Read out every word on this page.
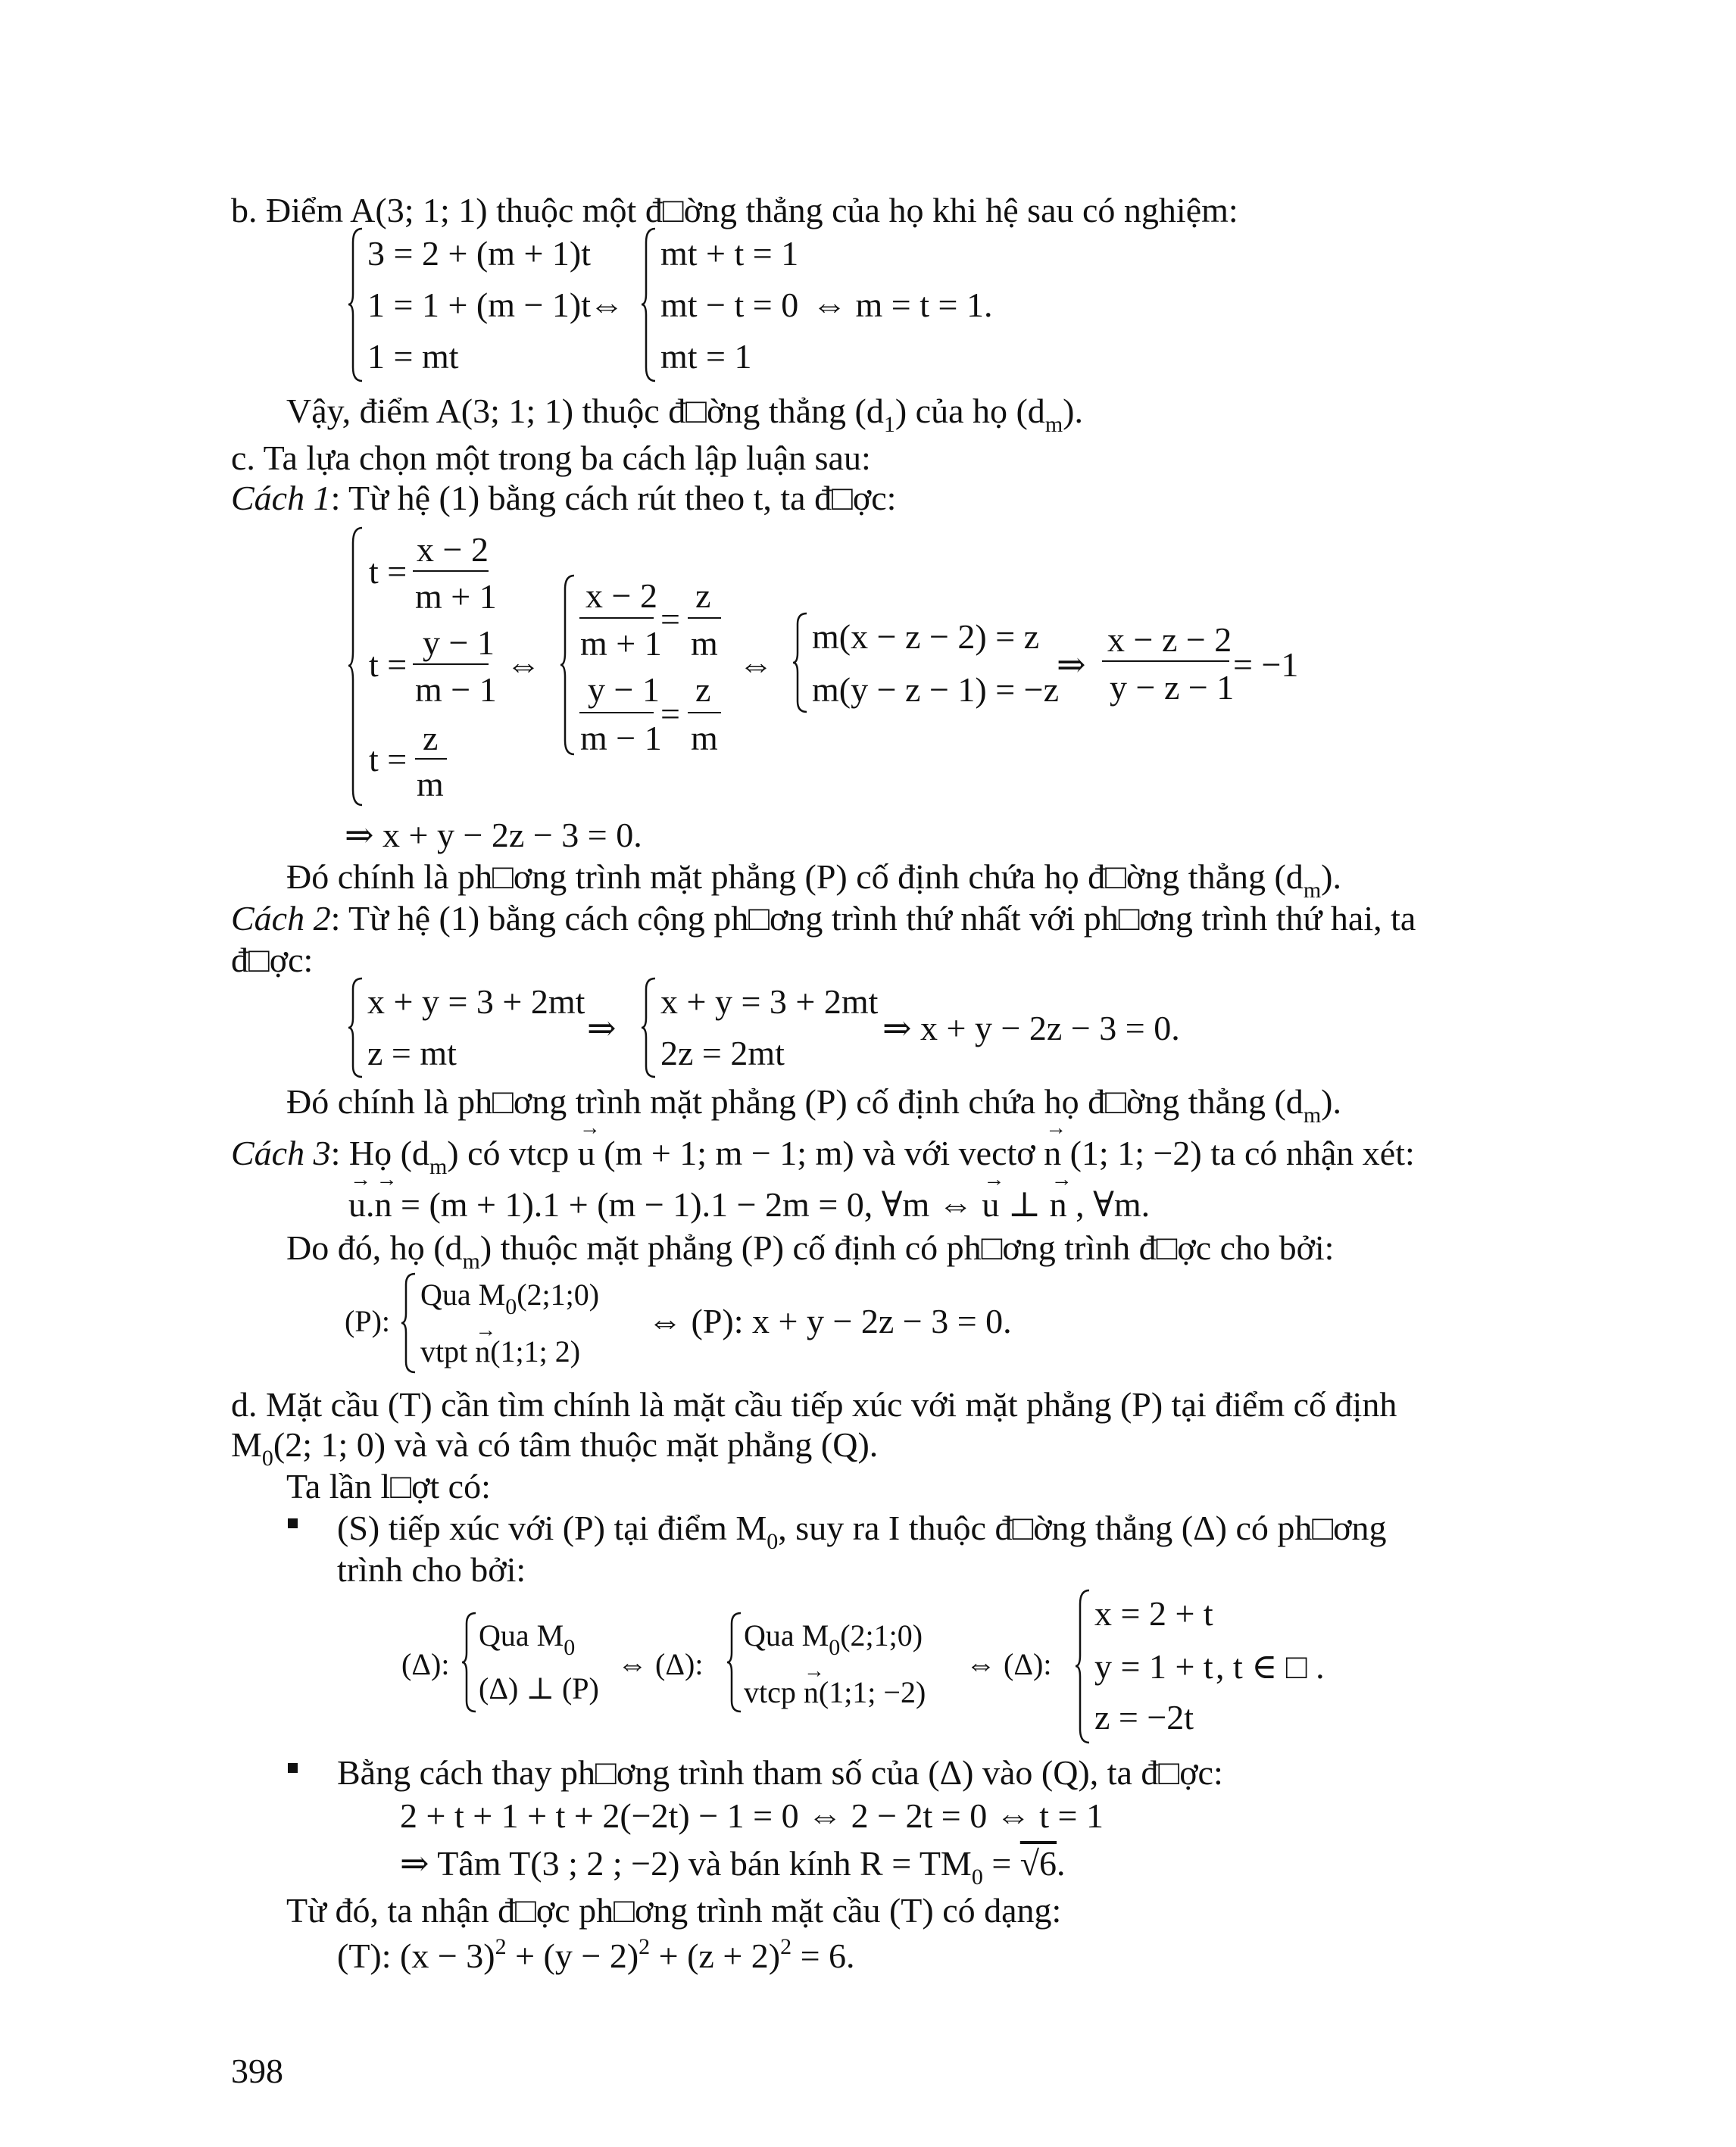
b. Điểm A(3; 1; 1) thuộc một đ□ờng thẳng của họ khi hệ sau có nghiệm:
3 = 2 + (m + 1)t
1 = 1 + (m − 1)t
1 = mt
⇔
mt + t = 1
mt − t = 0
mt = 1
⇔ m = t = 1.
Vậy, điểm A(3; 1; 1) thuộc đ□ờng thẳng $(d_1)$ của họ $(d_m)$.
c. Ta lựa chọn một trong ba cách lập luận sau:
Cách 1: Từ hệ (1) bằng cách rút theo t, ta đ□ợc:
t =
x − 2
m + 1
t =
y − 1
m − 1
t =
z
m
⇔
x − 2
m + 1
=
z
m
y − 1
m − 1
=
z
m
⇔
m(x − z − 2) = z
m(y − z − 1) = −z
⇒
x − z − 2
y − z − 1
= −1
⇒ x + y − 2z − 3 = 0.
Đó chính là ph□ơng trình mặt phẳng (P) cố định chứa họ đ□ờng thẳng $(d_m)$.
Cách 2: Từ hệ (1) bằng cách cộng ph□ơng trình thứ nhất với ph□ơng trình thứ hai, ta
đ□ợc:
x + y = 3 + 2mt
z = mt
⇒
x + y = 3 + 2mt
2z = 2mt
⇒ x + y − 2z − 3 = 0.
Đó chính là ph□ơng trình mặt phẳng (P) cố định chứa họ đ□ờng thẳng $(d_m)$.
Cách 3: Họ $(d_m)$ có vtcp
→
u (m + 1; m − 1; m) và với vectơ
→
n (1; 1; −2) ta có nhận xét:
→
u.
→
n = (m + 1).1 + (m − 1).1 − 2m = 0, ∀m ⇔
→
u ⊥
→
n , ∀m.
Do đó, họ $(d_m)$ thuộc mặt phẳng (P) cố định có ph□ơng trình đ□ợc cho bởi:
(P):
Qua $M_0(2;1;0)$
vtpt
→
n(1;1; 2)
⇔ (P): x + y − 2z − 3 = 0.
d. Mặt cầu (T) cần tìm chính là mặt cầu tiếp xúc với mặt phẳng (P) tại điểm cố định
$M_0(2$; 1; 0) và và có tâm thuộc mặt phẳng (Q).
Ta lần l□ợt có:
(S) tiếp xúc với (P) tại điểm $M_0$, suy ra I thuộc đ□ờng thẳng (Δ) có ph□ơng
trình cho bởi:
(Δ):
Qua $M_0$
(Δ) ⊥ (P)
⇔ (Δ):
Qua $M_0(2;1;0)$
vtcp
→
n(1;1; −2)
⇔ (Δ):
x = 2 + t
y = 1 + t
z = −2t
, t ∈ □ .
Bằng cách thay ph□ơng trình tham số của (Δ) vào (Q), ta đ□ợc:
2 + t + 1 + t + 2(−2t) − 1 = 0 ⇔ 2 − 2t = 0 ⇔ t = 1
⇒ Tâm T(3 ; 2 ; −2) và bán kính $R = TM_0 = √6$.
Từ đó, ta nhận đ□ợc ph□ơng trình mặt cầu (T) có dạng:
(T): $(x - 3)^2 + (y - 2)^2 + (z + 2)^2 = 6$.
398
